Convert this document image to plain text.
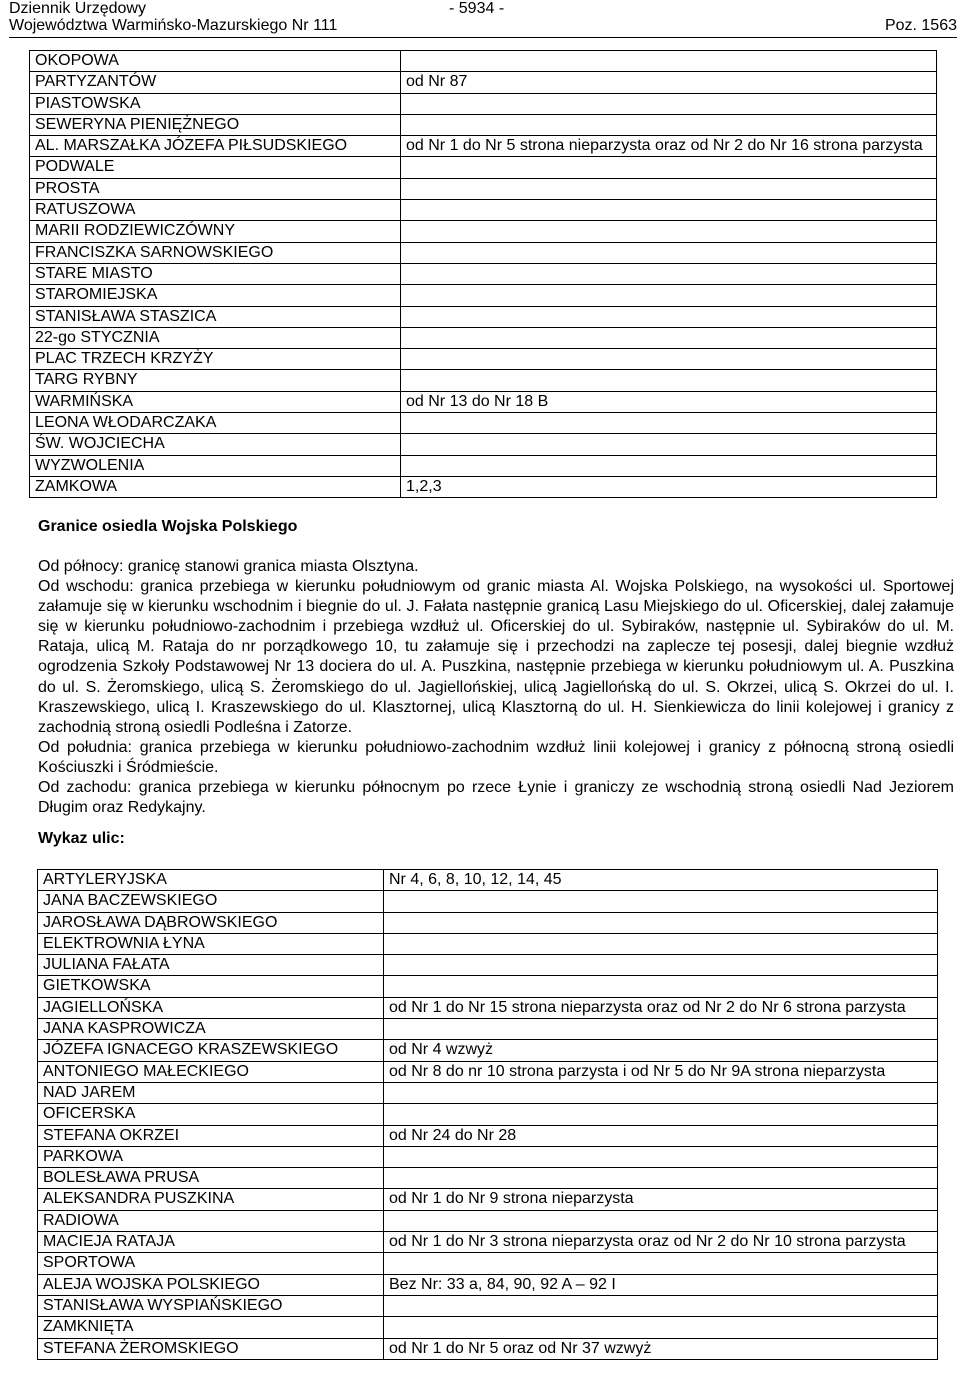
Dziennik Urzędowy
Województwa Warmińsko-Mazurskiego Nr 111
- 5934 -
Poz. 1563
OKOPOWA	
PARTYZANTÓW	od Nr 87
PIASTOWSKA	
SEWERYNA PIENIĘŻNEGO	
AL. MARSZAŁKA JÓZEFA PIŁSUDSKIEGO	od Nr 1 do Nr 5 strona nieparzysta oraz od Nr 2 do Nr 16 strona parzysta
PODWALE	
PROSTA	
RATUSZOWA	
MARII RODZIEWICZÓWNY	
FRANCISZKA SARNOWSKIEGO	
STARE MIASTO	
STAROMIEJSKA	
STANISŁAWA STASZICA	
22-go STYCZNIA	
PLAC TRZECH KRZYŻY	
TARG RYBNY	
WARMIŃSKA	od Nr 13 do Nr 18 B
LEONA WŁODARCZAKA	
ŚW. WOJCIECHA	
WYZWOLENIA	
ZAMKOWA	1,2,3
Granice osiedla Wojska Polskiego

Od północy: granicę stanowi granica miasta Olsztyna.

Od wschodu: granica przebiega w kierunku południowym od granic miasta Al. Wojska Polskiego, na wysokości ul. Sportowej załamuje się w kierunku wschodnim i biegnie do ul. J. Fałata następnie granicą Lasu Miejskiego do ul. Oficerskiej, dalej załamuje się w kierunku południowo-zachodnim i przebiega wzdłuż ul. Oficerskiej do ul. Sybiraków, następnie ul. Sybiraków do ul. M. Rataja, ulicą M. Rataja do nr porządkowego 10, tu załamuje się i przechodzi na zaplecze tej posesji, dalej biegnie wzdłuż ogrodzenia Szkoły Podstawowej Nr 13 dociera do ul. A. Puszkina, następnie przebiega w kierunku południowym ul. A. Puszkina do ul. S. Żeromskiego, ulicą S. Żeromskiego do ul. Jagiellońskiej, ulicą Jagiellońską do ul. S. Okrzei, ulicą S. Okrzei do ul. I. Kraszewskiego, ulicą I. Kraszewskiego do ul. Klasztornej, ulicą Klasztorną do ul. H. Sienkiewicza do linii kolejowej i granicy z zachodnią stroną osiedli Podleśna i Zatorze.

Od południa: granica przebiega w kierunku południowo-zachodnim wzdłuż linii kolejowej i granicy z północną stroną osiedli Kościuszki i Śródmieście.

Od zachodu: granica przebiega w kierunku północnym po rzece Łynie i graniczy ze wschodnią stroną osiedli Nad Jeziorem Długim oraz Redykajny.

Wykaz ulic:
ARTYLERYJSKA	Nr 4, 6, 8, 10, 12, 14, 45
JANA BACZEWSKIEGO	
JAROSŁAWA DĄBROWSKIEGO	
ELEKTROWNIA ŁYNA	
JULIANA FAŁATA	
GIETKOWSKA	
JAGIELLOŃSKA	od Nr 1 do Nr 15 strona nieparzysta oraz od Nr 2 do Nr 6 strona parzysta
JANA KASPROWICZA	
JÓZEFA IGNACEGO KRASZEWSKIEGO	od Nr 4 wzwyż
ANTONIEGO MAŁECKIEGO	od Nr 8 do nr 10 strona parzysta i od Nr 5 do Nr 9A strona nieparzysta
NAD JAREM	
OFICERSKA	
STEFANA OKRZEI	od Nr 24 do Nr 28
PARKOWA	
BOLESŁAWA PRUSA	
ALEKSANDRA PUSZKINA	od Nr 1 do Nr 9 strona nieparzysta
RADIOWA	
MACIEJA RATAJA	od Nr 1 do Nr 3 strona nieparzysta oraz od Nr 2 do Nr 10 strona parzysta
SPORTOWA	
ALEJA WOJSKA POLSKIEGO	Bez Nr: 33 a, 84, 90, 92 A – 92 I
STANISŁAWA WYSPIAŃSKIEGO	
ZAMKNIĘTA	
STEFANA ŻEROMSKIEGO	od Nr 1 do Nr 5 oraz od Nr 37 wzwyż
